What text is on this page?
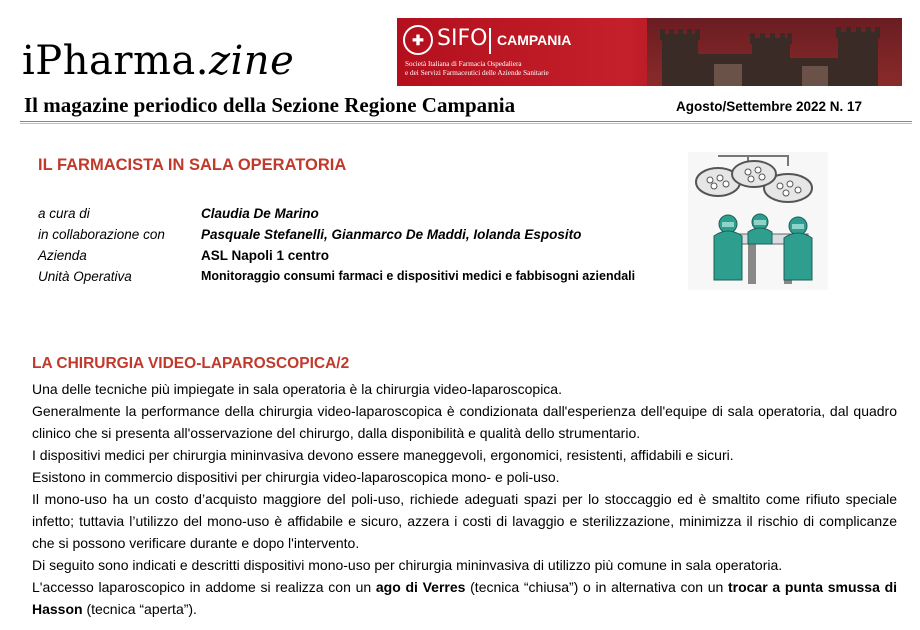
iPharma.zine	✚ SIFO CAMPANIA
Società Italiana di Farmacia Ospedaliera
e dei Servizi Farmaceutici delle Aziende Sanitarie
Il magazine periodico della Sezione Regione Campania	Agosto/Settembre 2022 N. 17
IL FARMACISTA IN SALA OPERATORIA
a cura di	Claudia De Marino
in collaborazione con	Pasquale Stefanelli, Gianmarco De Maddi, Iolanda Esposito
Azienda	ASL Napoli 1 centro
Unità Operativa	Monitoraggio consumi farmaci e dispositivi medici e fabbisogni aziendali
LA CHIRURGIA VIDEO-LAPAROSCOPICA/2
Una delle tecniche più impiegate in sala operatoria è la chirurgia video-laparoscopica.
Generalmente la performance della chirurgia video-laparoscopica è condizionata dall'esperienza dell'equipe di sala operatoria, dal quadro clinico che si presenta all'osservazione del chirurgo, dalla disponibilità e qualità dello strumentario.
I dispositivi medici per chirurgia mininvasiva devono essere maneggevoli, ergonomici, resistenti, affidabili e sicuri.
Esistono in commercio dispositivi per chirurgia video-laparoscopica mono- e poli-uso.
Il mono-uso ha un costo d’acquisto maggiore del poli-uso, richiede adeguati spazi per lo stoccaggio ed è smaltito come rifiuto speciale infetto; tuttavia l’utilizzo del mono-uso è affidabile e sicuro, azzera i costi di lavaggio e sterilizzazione, minimizza il rischio di complicanze che si possono verificare durante e dopo l'intervento.
Di seguito sono indicati e descritti dispositivi mono-uso per chirurgia mininvasiva di utilizzo più comune in sala operatoria.
L'accesso laparoscopico in addome si realizza con un ago di Verres (tecnica “chiusa”) o in alternativa con un trocar a punta smussa di Hasson (tecnica “aperta”).
